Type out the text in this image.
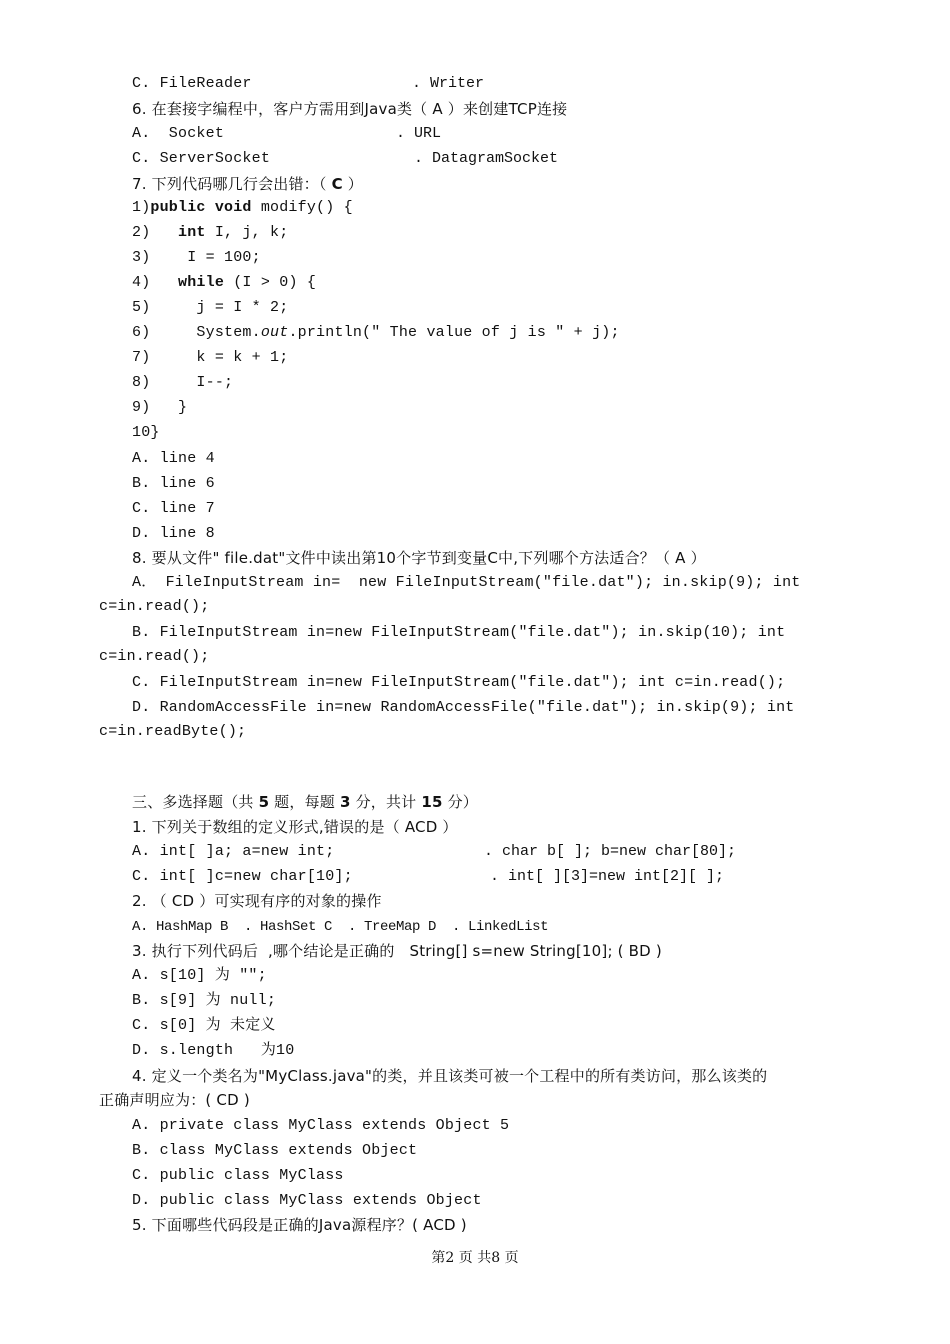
C. FileReader	. Writer
6. 在套接字编程中，客户方需用到Java类（ A ）来创建TCP连接
A.  Socket	. URL
C. ServerSocket	. DatagramSocket
7. 下列代码哪几行会出错：（ C ）
1)public void modify() {
2)   int I, j, k;
3)    I = 100;
4)   while (I > 0) {
5)     j = I * 2;
6)     System.out.println(" The value of j is " + j);
7)     k = k + 1;
8)     I--;
9)   }
10}
A. line 4
B. line 6
C. line 7
D. line 8
8. 要从文件" file.dat"文件中读出第10个字节到变量C中,下列哪个方法适合？（ A ）
A． FileInputStream in=  new FileInputStream("file.dat"); in.skip(9); int
c=in.read();
B. FileInputStream in=new FileInputStream("file.dat"); in.skip(10); int
c=in.read();
C. FileInputStream in=new FileInputStream("file.dat"); int c=in.read();
D. RandomAccessFile in=new RandomAccessFile("file.dat"); in.skip(9); int
c=in.readByte();
三、多选择题（共 5 题，每题 3 分，共计 15 分）
1. 下列关于数组的定义形式,错误的是（ ACD ）
A. int[ ]a; a=new int;	. char b[ ]; b=new char[80];
C. int[ ]c=new char[10];	. int[ ][3]=new int[2][ ];
2. （ CD ）可实现有序的对象的操作
A. HashMap B  . HashSet C  . TreeMap D  . LinkedList
3. 执行下列代码后  ,哪个结论是正确的   String[] s=new String[10]; ( BD )
A. s[10] 为 "";
B. s[9] 为 null;
C. s[0] 为 未定义
D. s.length   为10
4. 定义一个类名为"MyClass.java"的类，并且该类可被一个工程中的所有类访问，那么该类的
正确声明应为：( CD )
A. private class MyClass extends Object 5
B. class MyClass extends Object
C. public class MyClass
D. public class MyClass extends Object
5. 下面哪些代码段是正确的Java源程序？( ACD )
第2 页 共8 页
